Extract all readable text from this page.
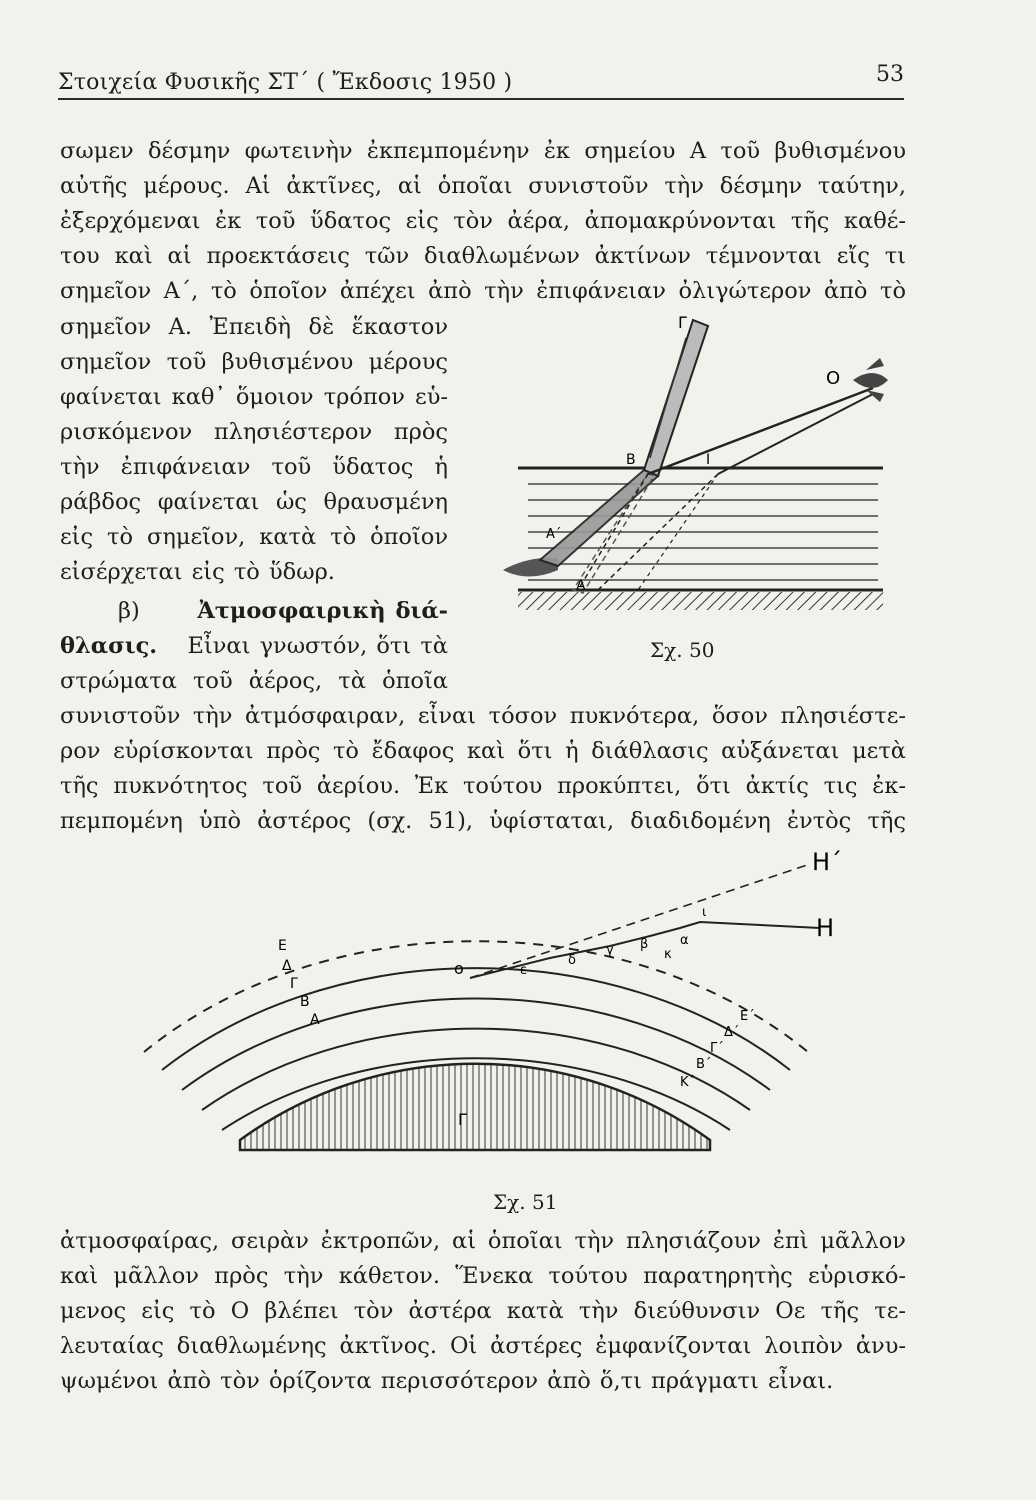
Στοιχεία Φυσικῆς ΣΤ΄ ( Ἔκδοσις 1950 )	53
σωμεν δέσμην φωτεινὴν ἐκπεμπομένην ἐκ σημείου Α τοῦ βυθισμένου
αὐτῆς μέρους. Αἱ ἀκτῖνες, αἱ ὁποῖαι συνιστοῦν τὴν δέσμην ταύτην,
ἐξερχόμεναι ἐκ τοῦ ὕδατος εἰς τὸν ἀέρα, ἀπομακρύνονται τῆς καθέ-
του καὶ αἱ προεκτάσεις τῶν διαθλωμένων ἀκτίνων τέμνονται εἴς τι
σημεῖον Α΄, τὸ ὁποῖον ἀπέχει ἀπὸ τὴν ἐπιφάνειαν ὀλιγώτερον ἀπὸ τὸ
σημεῖον Α. Ἐπειδὴ δὲ ἕκαστον
σημεῖον τοῦ βυθισμένου μέρους
φαίνεται καθ᾽ ὅμοιον τρόπον εὑ-
ρισκόμενον πλησιέστερον πρὸς
τὴν ἐπιφάνειαν τοῦ ὕδατος ἡ
ράβδος φαίνεται ὡς θραυσμένη
εἰς τὸ σημεῖον, κατὰ τὸ ὁποῖον
εἰσέρχεται εἰς τὸ ὕδωρ.
β)	Ἀτμοσφαιρικὴ διά-
θλασις. Εἶναι γνωστόν, ὅτι τὰ
στρώματα τοῦ ἀέρος, τὰ ὁποῖα
συνιστοῦν τὴν ἀτμόσφαιραν, εἶναι τόσον πυκνότερα, ὅσον πλησιέστε-
ρον εὑρίσκονται πρὸς τὸ ἔδαφος καὶ ὅτι ἡ διάθλασις αὐξάνεται μετὰ
τῆς πυκνότητος τοῦ ἀερίου. Ἐκ τούτου προκύπτει, ὅτι ἀκτίς τις ἐκ-
πεμπομένη ὑπὸ ἀστέρος (σχ. 51), ὑφίσταται, διαδιδομένη ἐντὸς τῆς
ἀτμοσφαίρας, σειρὰν ἐκτροπῶν, αἱ ὁποῖαι τὴν πλησιάζουν ἐπὶ μᾶλλον
καὶ μᾶλλον πρὸς τὴν κάθετον. Ἕνεκα τούτου παρατηρητὴς εὑρισκό-
μενος εἰς τὸ Ο βλέπει τὸν ἀστέρα κατὰ τὴν διεύθυνσιν Οε τῆς τε-
λευταίας διαθλωμένης ἀκτῖνος. Οἱ ἀστέρες ἐμφανίζονται λοιπὸν ἀνυ-
ψωμένοι ἀπὸ τὸν ὁρίζοντα περισσότερον ἀπὸ ὅ,τι πράγματι εἶναι.
Γ
Ο
Β	Ι
Α΄
Α
Σχ. 50
Η΄
Η
ο
Γ
Ε
Δ
Γ
Β
Α	Ε΄
Δ΄
Γ΄
Β΄
Κ΄
ε
δ
γ β
κ
α
ι
Σχ. 51
